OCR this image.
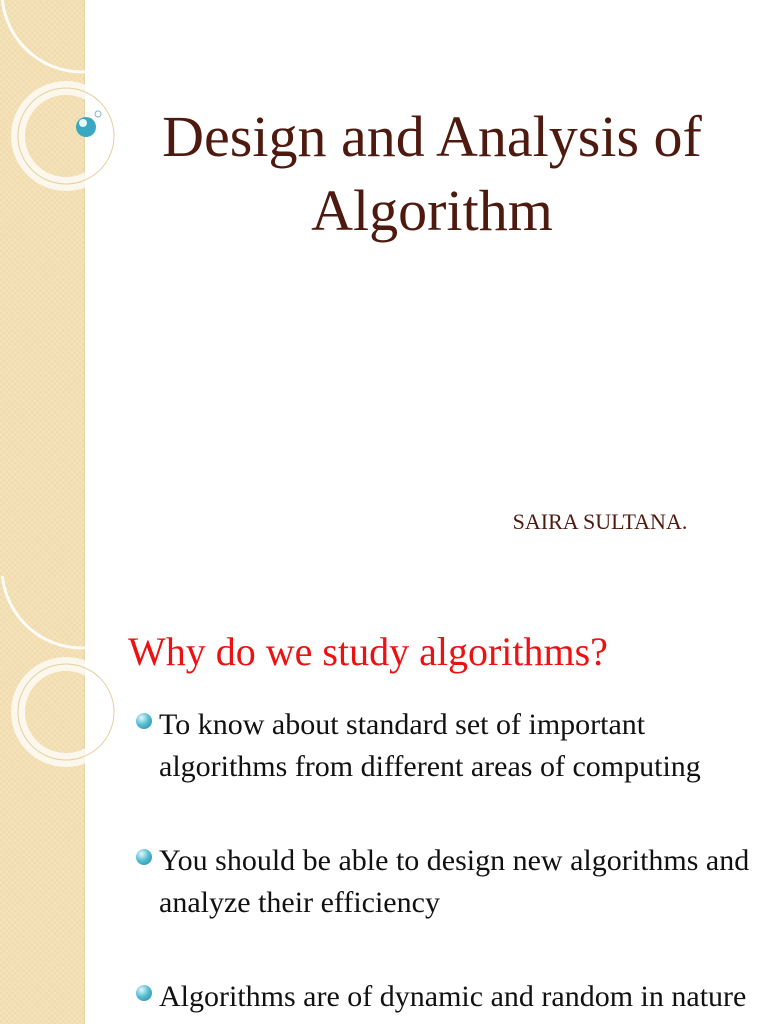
Design and Analysis of Algorithm
SAIRA SULTANA.
Why do we study algorithms?
To know about standard set of important algorithms from different areas of computing
You should be able to design new algorithms and analyze their efficiency
Algorithms are of dynamic and random in nature
